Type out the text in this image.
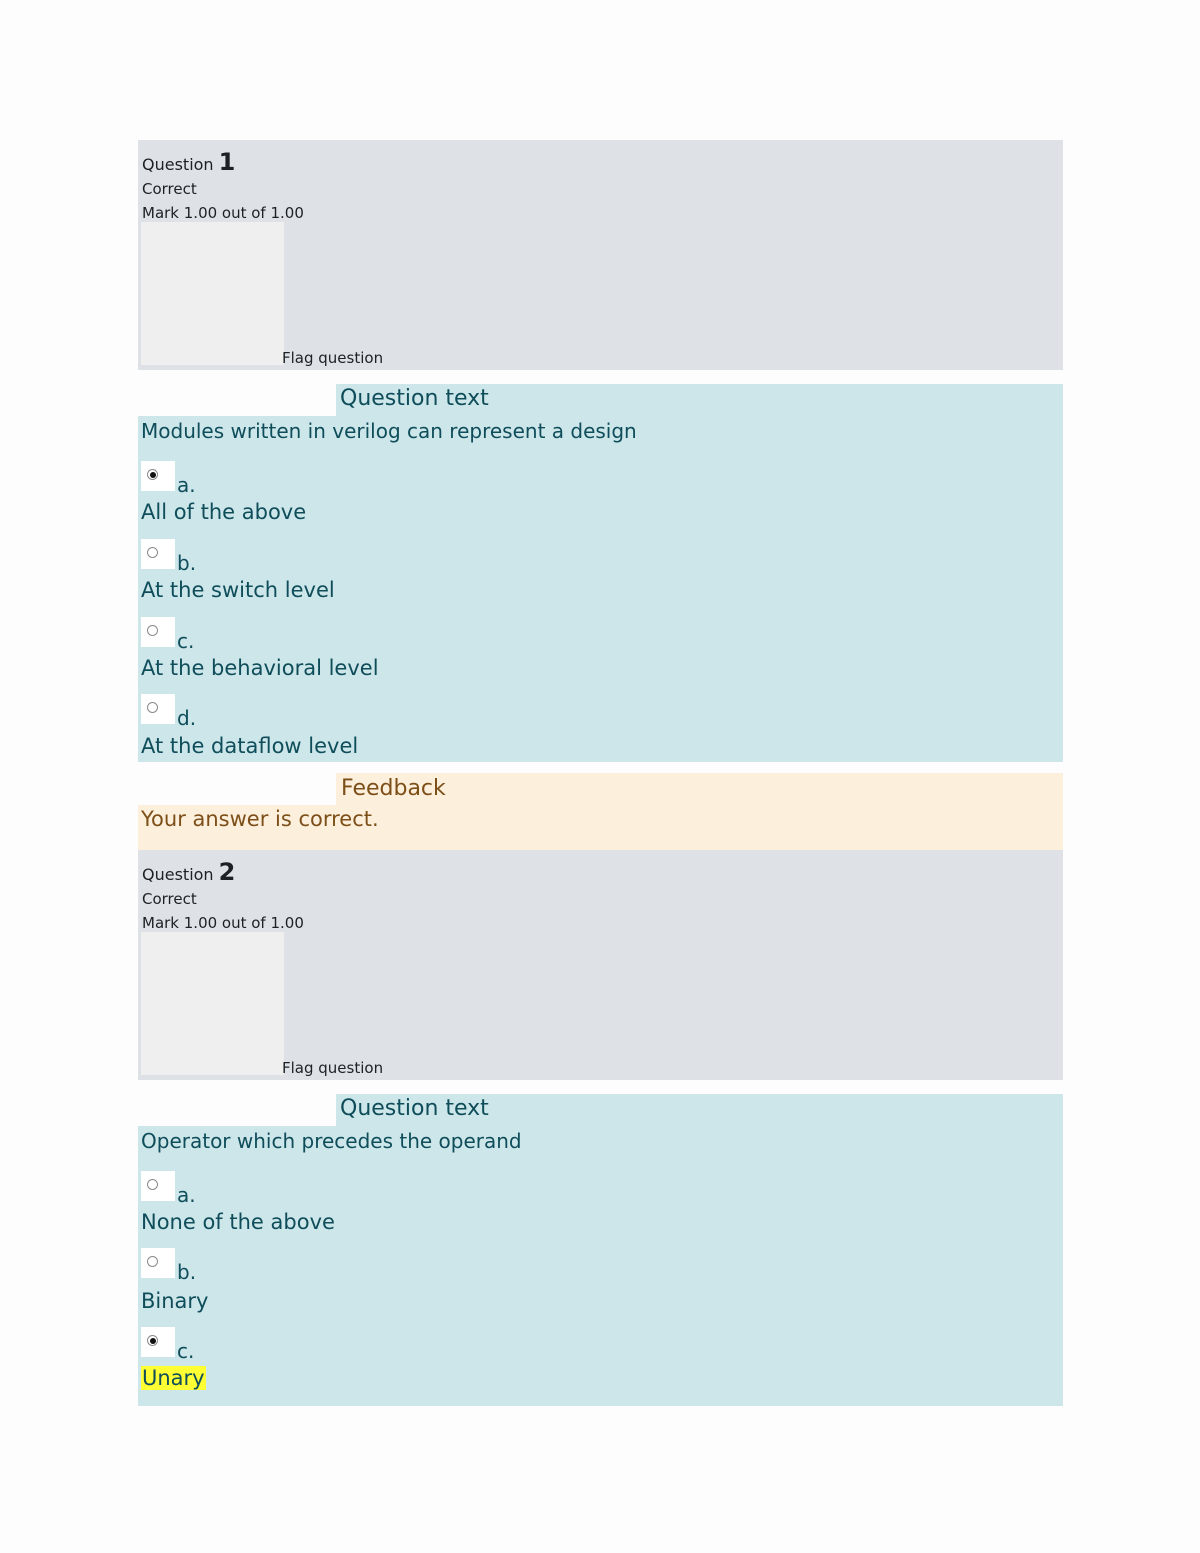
Question 1
Correct
Mark 1.00 out of 1.00
Flag question
Question text
Modules written in verilog can represent a design
a.
All of the above
b.
At the switch level
c.
At the behavioral level
d.
At the dataflow level
Feedback
Your answer is correct.
Question 2
Correct
Mark 1.00 out of 1.00
Flag question
Question text
Operator which precedes the operand
a.
None of the above
b.
Binary
c.
Unary
